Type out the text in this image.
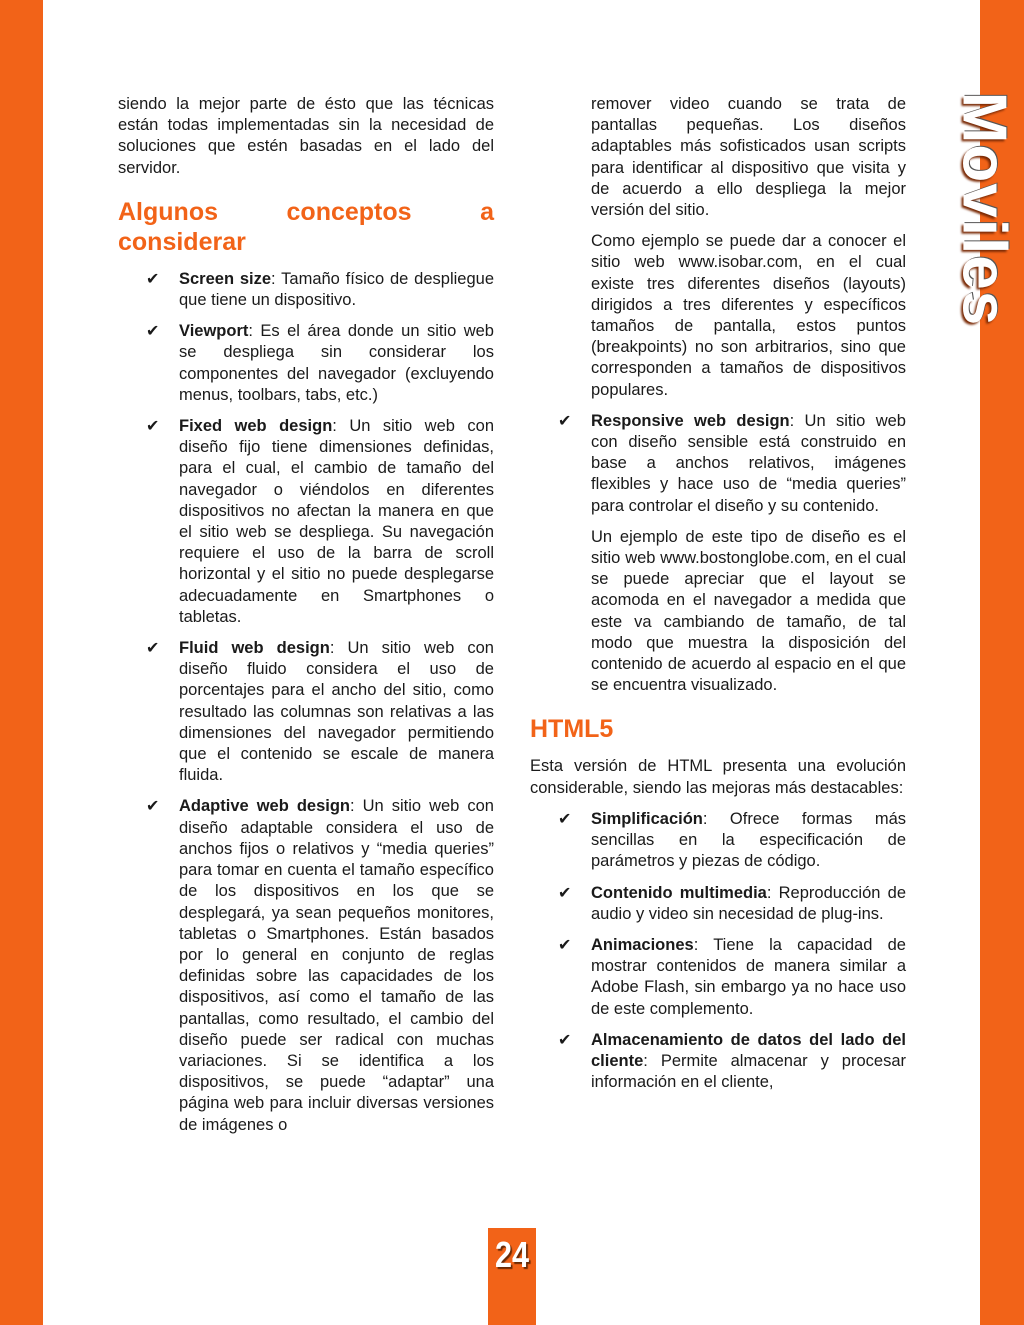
Moviles

siendo la mejor parte de ésto que las técnicas están todas implementadas sin la necesidad de soluciones que estén basadas en el lado del servidor.

Algunos conceptos a considerar
✔ Screen size: Tamaño físico de despliegue que tiene un dispositivo.
✔ Viewport: Es el área donde un sitio web se despliega sin considerar los componentes del navegador (excluyendo menus, toolbars, tabs, etc.)
✔ Fixed web design: Un sitio web con diseño fijo tiene dimensiones definidas, para el cual, el cambio de tamaño del navegador o viéndolos en diferentes dispositivos no afectan la manera en que el sitio web se despliega. Su navegación requiere el uso de la barra de scroll horizontal y el sitio no puede desplegarse adecuadamente en Smartphones o tabletas.
✔ Fluid web design: Un sitio web con diseño fluido considera el uso de porcentajes para el ancho del sitio, como resultado las columnas son relativas a las dimensiones del navegador permitiendo que el contenido se escale de manera fluida.
✔ Adaptive web design: Un sitio web con diseño adaptable considera el uso de anchos fijos o relativos y “media queries” para tomar en cuenta el tamaño específico de los dispositivos en los que se desplegará, ya sean pequeños monitores, tabletas o Smartphones. Están basados por lo general en conjunto de reglas definidas sobre las capacidades de los dispositivos, así como el tamaño de las pantallas, como resultado, el cambio del diseño puede ser radical con muchas variaciones. Si se identifica a los dispositivos, se puede “adaptar” una página web para incluir diversas versiones de imágenes o

remover video cuando se trata de pantallas pequeñas. Los diseños adaptables más sofisticados usan scripts para identificar al dispositivo que visita y de acuerdo a ello despliega la mejor versión del sitio.

Como ejemplo se puede dar a conocer el sitio web www.isobar.com, en el cual existe tres diferentes diseños (layouts) dirigidos a tres diferentes y específicos tamaños de pantalla, estos puntos (breakpoints) no son arbitrarios, sino que corresponden a tamaños de dispositivos populares.

✔ Responsive web design: Un sitio web con diseño sensible está construido en base a anchos relativos, imágenes flexibles y hace uso de “media queries” para controlar el diseño y su contenido.
Un ejemplo de este tipo de diseño es el sitio web www.bostonglobe.com, en el cual se puede apreciar que el layout se acomoda en el navegador a medida que este va cambiando de tamaño, de tal modo que muestra la disposición del contenido de acuerdo al espacio en el que se encuentra visualizado.
HTML5

Esta versión de HTML presenta una evolución considerable, siendo las mejoras más destacables:

✔ Simplificación: Ofrece formas más sencillas en la especificación de parámetros y piezas de código.
✔ Contenido multimedia: Reproducción de audio y video sin necesidad de plug-ins.
✔ Animaciones: Tiene la capacidad de mostrar contenidos de manera similar a Adobe Flash, sin embargo ya no hace uso de este complemento.
✔ Almacenamiento de datos del lado del cliente: Permite almacenar y procesar información en el cliente,
24
